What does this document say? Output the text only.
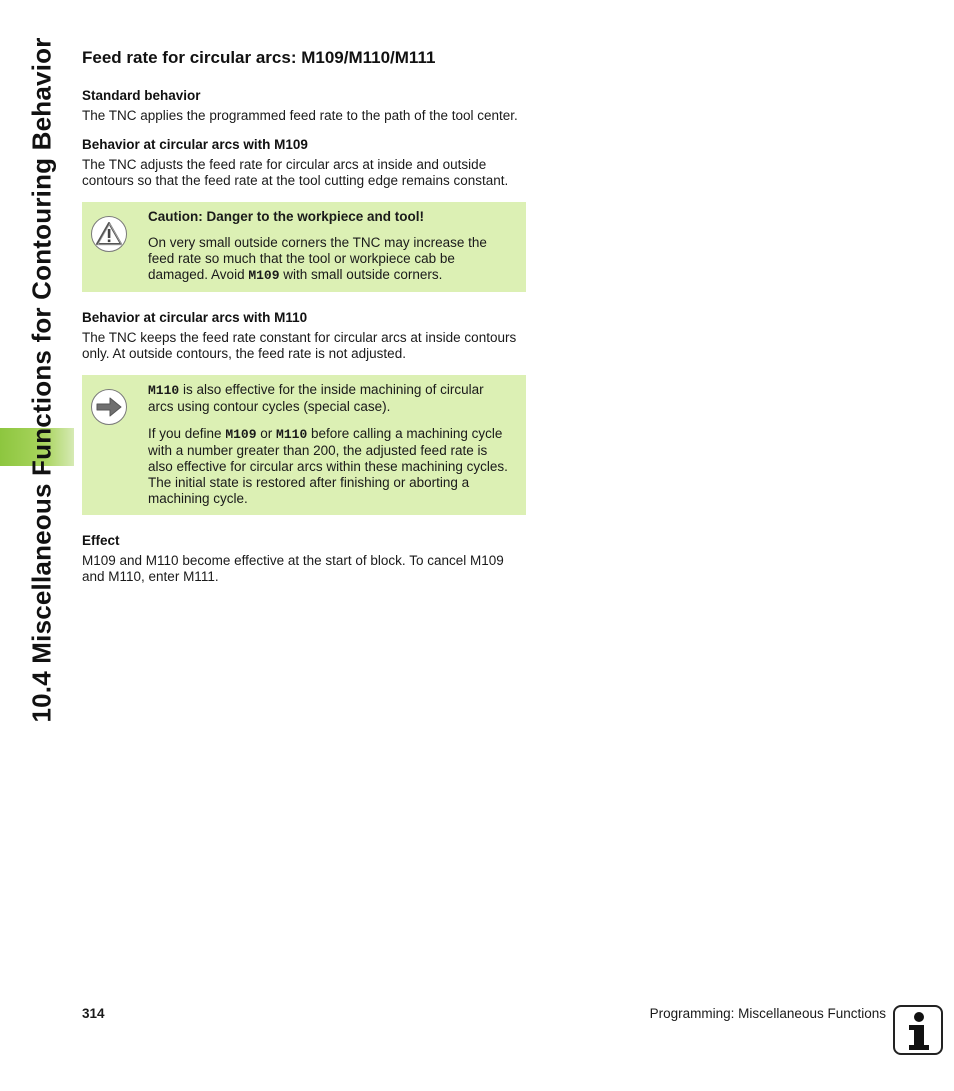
10.4 Miscellaneous Functions for Contouring Behavior Feed rate for circular arcs: M109/M110/M111
Standard behavior

The TNC applies the programmed feed rate to the path of the tool center.

Behavior at circular arcs with M109

The TNC adjusts the feed rate for circular arcs at inside and outside contours so that the feed rate at the tool cutting edge remains constant.

Caution: Danger to the workpiece and tool!

On very small outside corners the TNC may increase the feed rate so much that the tool or workpiece cab be damaged. Avoid M109 with small outside corners.

Behavior at circular arcs with M110

The TNC keeps the feed rate constant for circular arcs at inside contours only. At outside contours, the feed rate is not adjusted.

M110 is also effective for the inside machining of circular arcs using contour cycles (special case).

If you define M109 or M110 before calling a machining cycle with a number greater than 200, the adjusted feed rate is also effective for circular arcs within these machining cycles. The initial state is restored after finishing or aborting a machining cycle.

Effect

M109 and M110 become effective at the start of block. To cancel M109 and M110, enter M111.

314	Programming: Miscellaneous Functions
